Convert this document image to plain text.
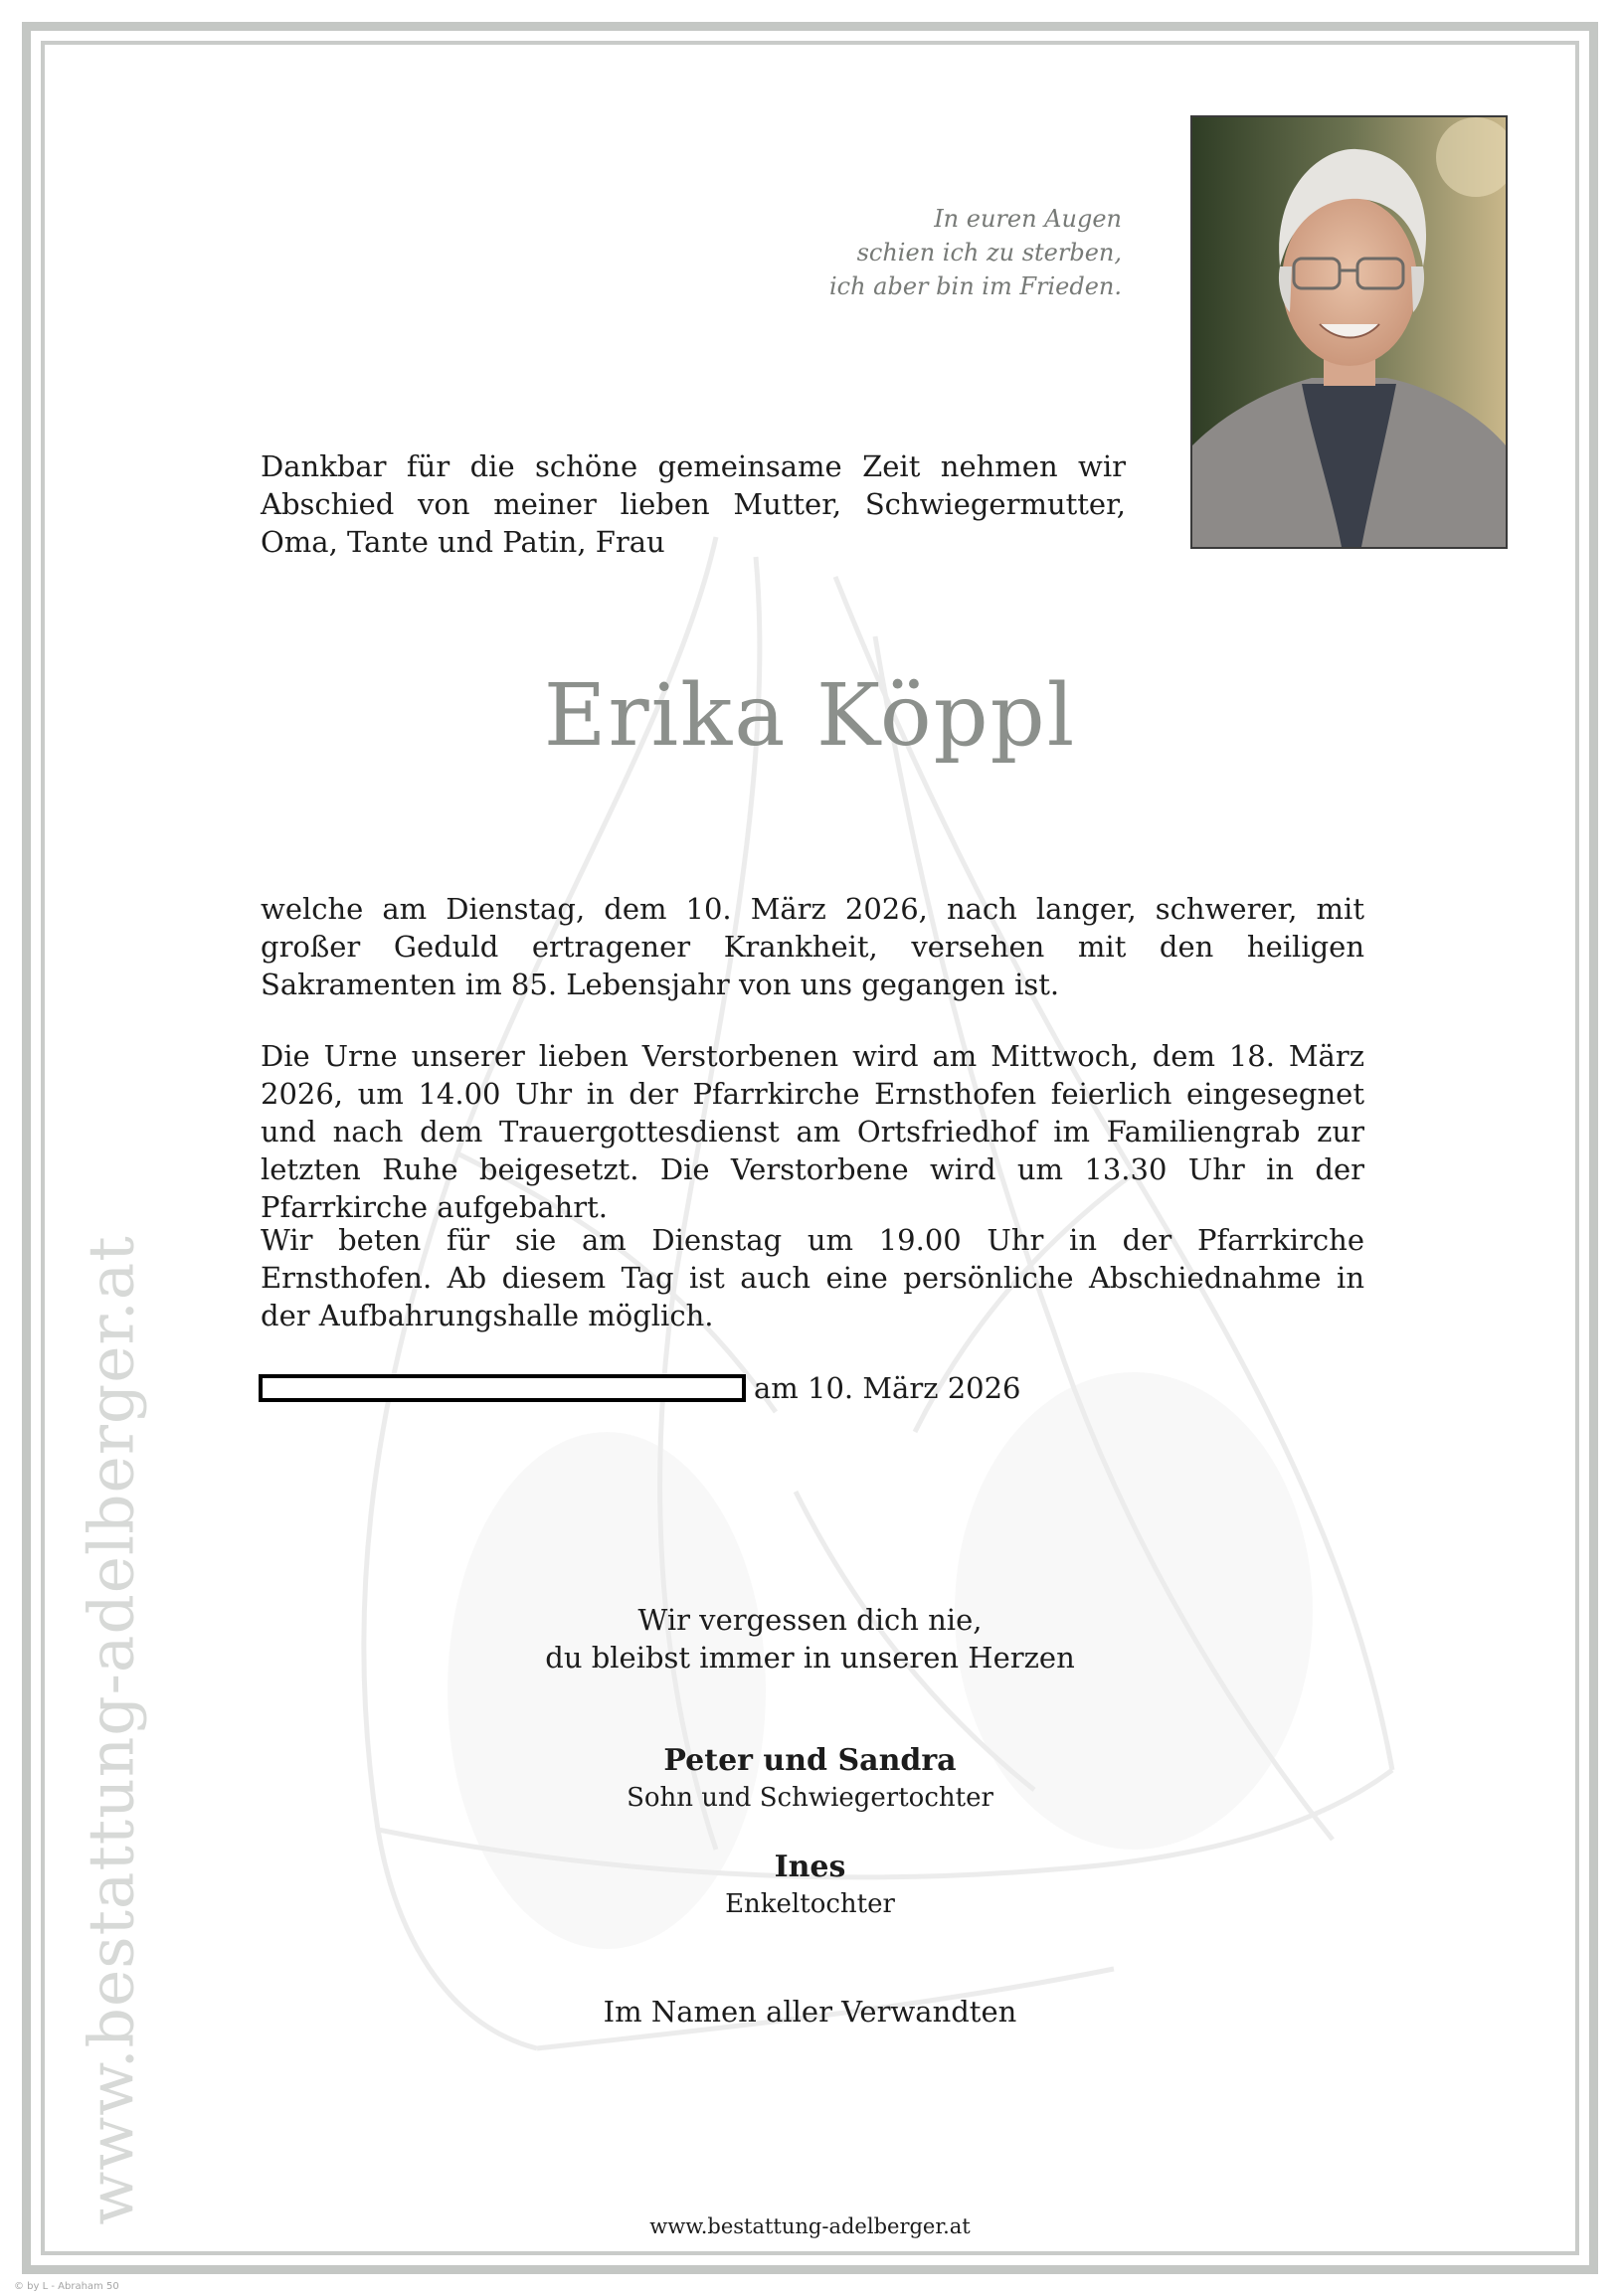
www.bestattung-adelberger.at
© by L - Abraham 50
In euren Augen
schien ich zu sterben,
ich aber bin im Frieden.
Dankbar für die schöne gemeinsame Zeit nehmen wir Abschied von meiner lieben Mutter, Schwiegermutter, Oma, Tante und Patin, Frau
Erika Köppl
welche am Dienstag, dem 10. März 2026, nach langer, schwerer, mit großer Geduld ertragener Krankheit, versehen mit den heiligen Sakramenten im 85. Lebensjahr von uns gegangen ist.
Die Urne unserer lieben Verstorbenen wird am Mittwoch, dem 18. März 2026, um 14.00 Uhr in der Pfarrkirche Ernsthofen feierlich eingesegnet und nach dem Trauergottesdienst am Ortsfriedhof im Familiengrab zur letzten Ruhe beigesetzt. Die Verstorbene wird um 13.30 Uhr in der Pfarrkirche aufgebahrt.
Wir beten für sie am Dienstag um 19.00 Uhr in der Pfarrkirche Ernsthofen. Ab diesem Tag ist auch eine persönliche Abschiednahme in der Aufbahrungshalle möglich.
am 10. März 2026
Wir vergessen dich nie,
du bleibst immer in unseren Herzen
Peter und Sandra
Sohn und Schwiegertochter
Ines
Enkeltochter
Im Namen aller Verwandten
www.bestattung-adelberger.at
